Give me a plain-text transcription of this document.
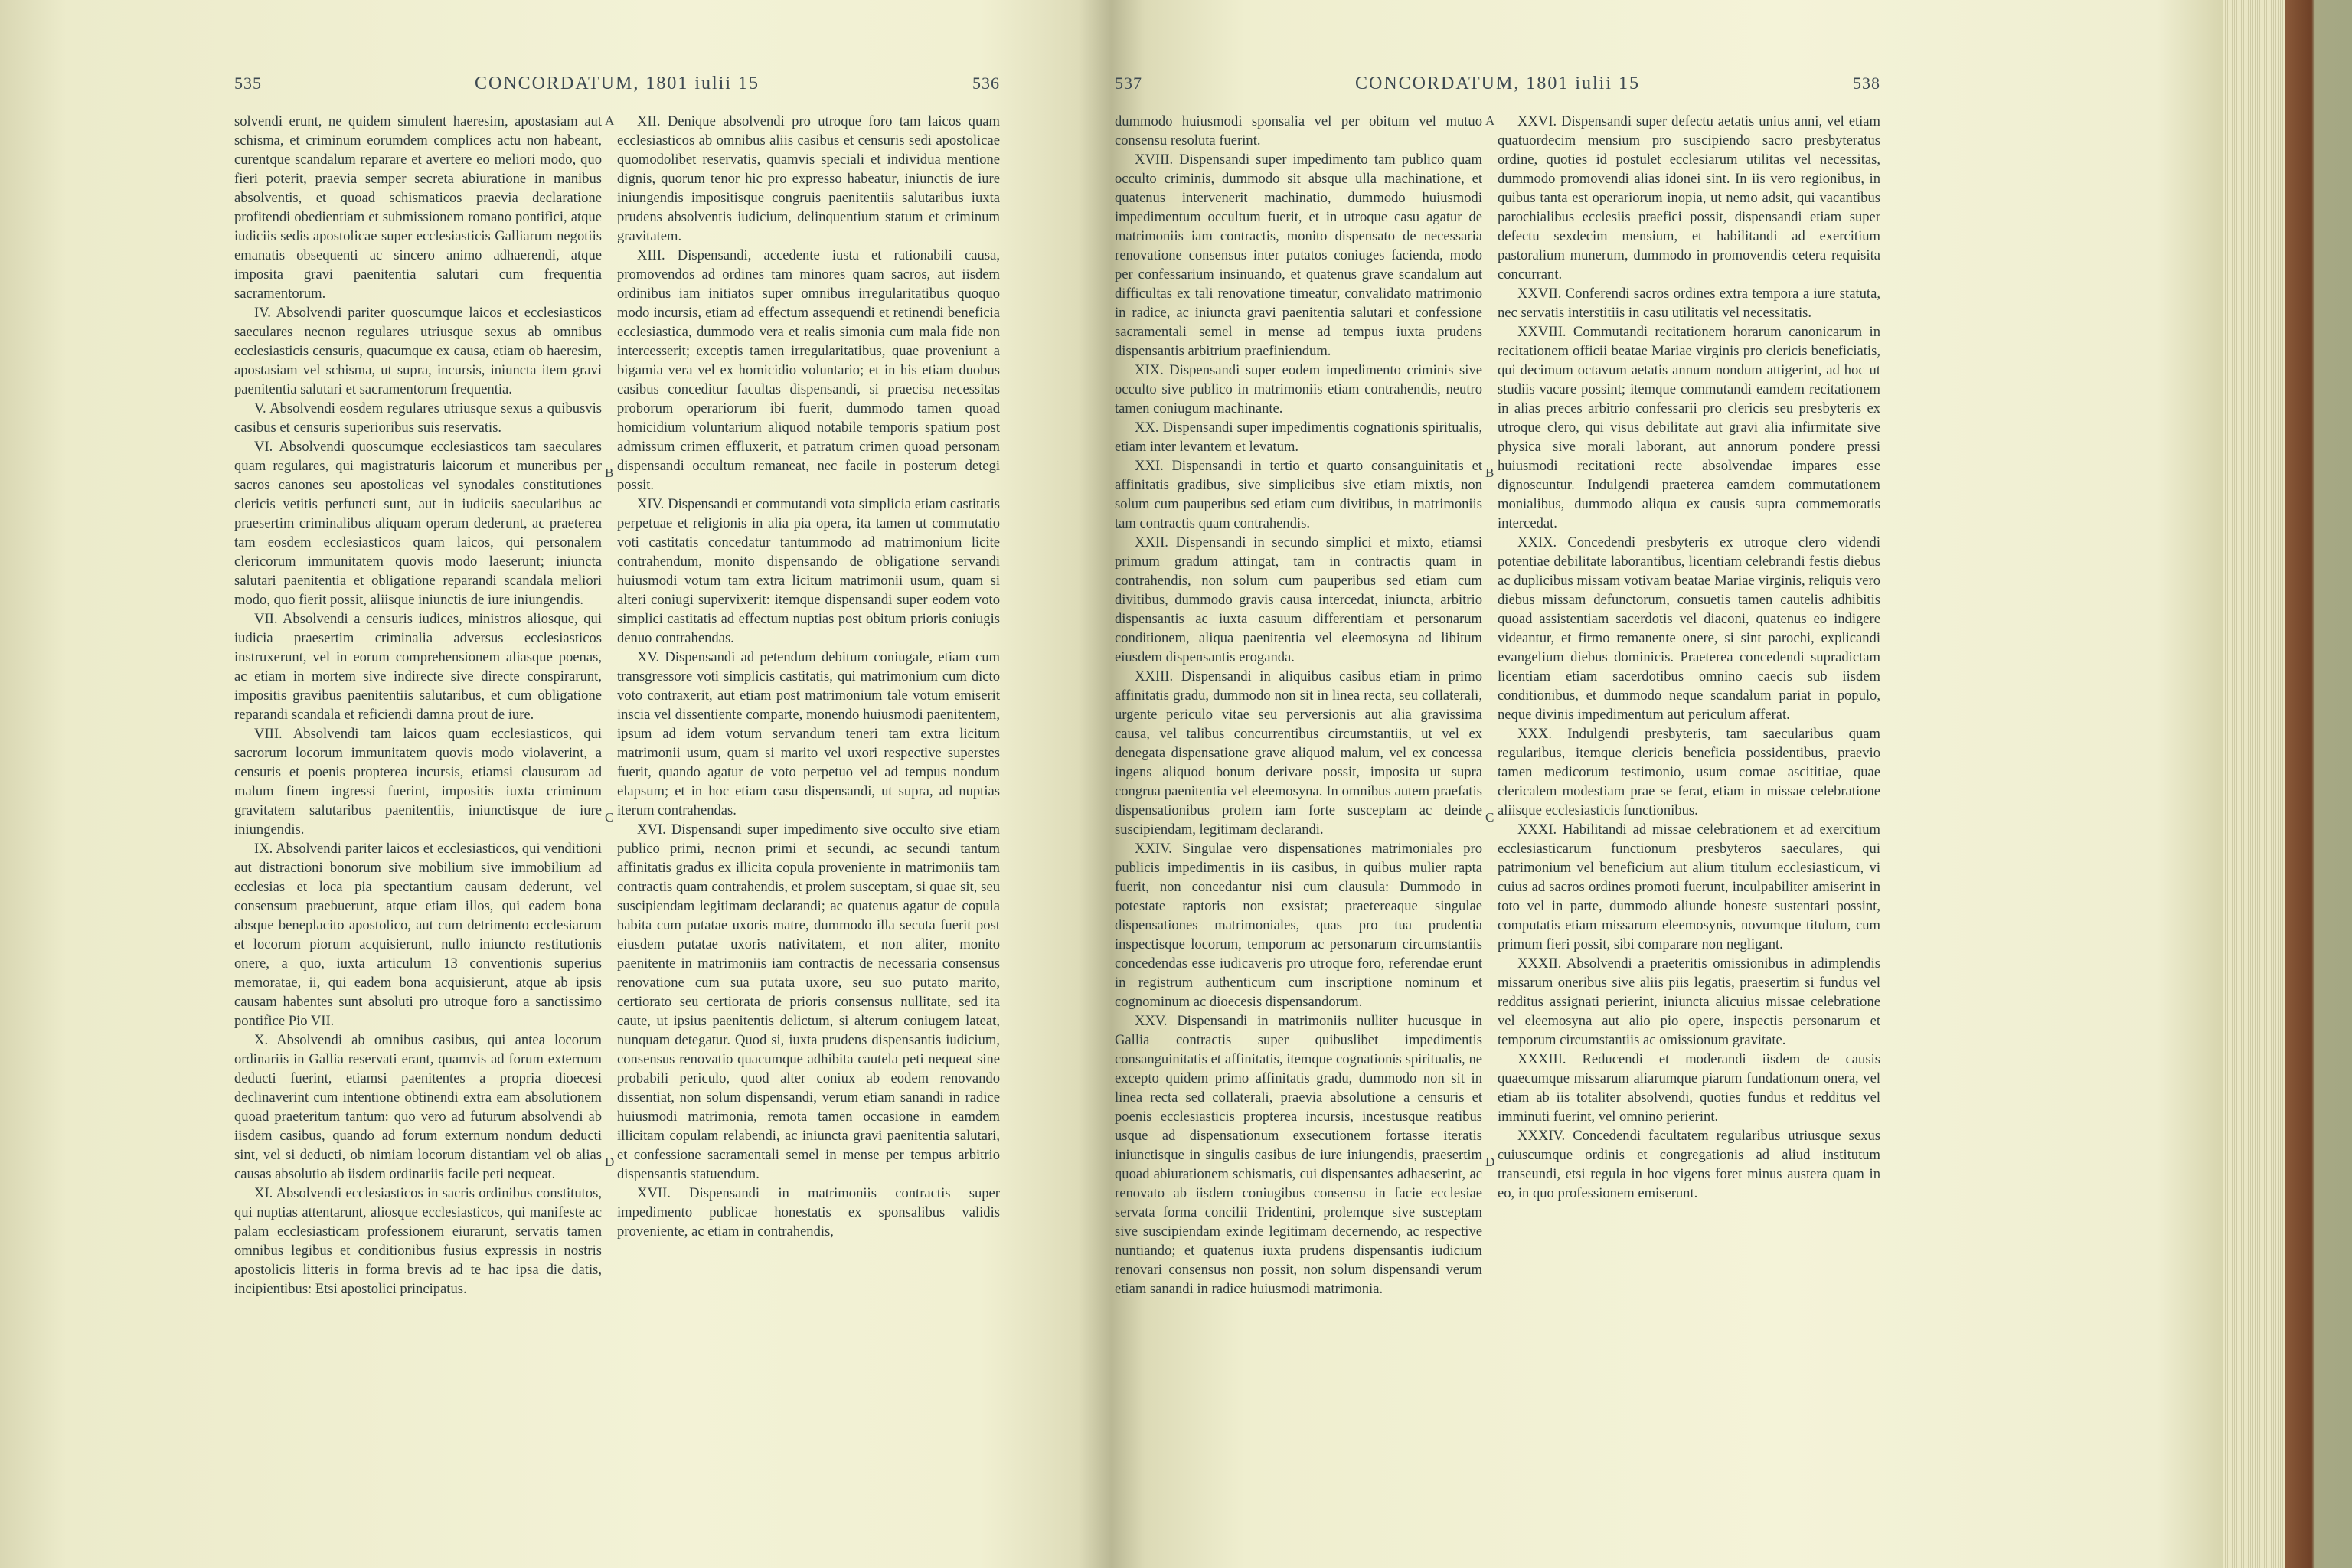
535	CONCORDATUM, 1801 iulii 15	536

solvendi erunt, ne quidem simulent haeresim, apostasiam aut schisma, et criminum eorumdem complices actu non habeant, curentque scandalum reparare et avertere eo meliori modo, quo fieri poterit, praevia semper secreta abiuratione in manibus absolventis, et quoad schismaticos praevia declaratione profitendi obedientiam et submissionem romano pontifici, atque iudiciis sedis apostolicae super ecclesiasticis Galliarum negotiis emanatis obsequenti ac sincero animo adhaerendi, atque imposita gravi paenitentia salutari cum frequentia sacramentorum.

IV. Absolvendi pariter quoscumque laicos et ecclesiasticos saeculares necnon regulares utriusque sexus ab omnibus ecclesiasticis censuris, quacumque ex causa, etiam ob haeresim, apostasiam vel schisma, ut supra, incursis, iniuncta item gravi paenitentia salutari et sacramentorum frequentia.

V. Absolvendi eosdem regulares utriusque sexus a quibusvis casibus et censuris superioribus suis reservatis.

VI. Absolvendi quoscumque ecclesiasticos tam saeculares quam regulares, qui magistraturis laicorum et muneribus per sacros canones seu apostolicas vel synodales constitutiones clericis vetitis perfuncti sunt, aut in iudiciis saecularibus ac praesertim criminalibus aliquam operam dederunt, ac praeterea tam eosdem ecclesiasticos quam laicos, qui personalem clericorum immunitatem quovis modo laeserunt; iniuncta salutari paenitentia et obligatione reparandi scandala meliori modo, quo fierit possit, aliisque iniunctis de iure iniungendis.

VII. Absolvendi a censuris iudices, ministros aliosque, qui iudicia praesertim criminalia adversus ecclesiasticos instruxerunt, vel in eorum comprehensionem aliasque poenas, ac etiam in mortem sive indirecte sive directe conspirarunt, impositis gravibus paenitentiis salutaribus, et cum obligatione reparandi scandala et reficiendi damna prout de iure.

VIII. Absolvendi tam laicos quam ecclesiasticos, qui sacrorum locorum immunitatem quovis modo violaverint, a censuris et poenis propterea incursis, etiamsi clausuram ad malum finem ingressi fuerint, impositis iuxta criminum gravitatem salutaribus paenitentiis, iniunctisque de iure iniungendis.

IX. Absolvendi pariter laicos et ecclesiasticos, qui venditioni aut distractioni bonorum sive mobilium sive immobilium ad ecclesias et loca pia spectantium causam dederunt, vel consensum praebuerunt, atque etiam illos, qui eadem bona absque beneplacito apostolico, aut cum detrimento ecclesiarum et locorum piorum acquisierunt, nullo iniuncto restitutionis onere, a quo, iuxta articulum 13 conventionis superius memoratae, ii, qui eadem bona acquisierunt, atque ab ipsis causam habentes sunt absoluti pro utroque foro a sanctissimo pontifice Pio VII.

X. Absolvendi ab omnibus casibus, qui antea locorum ordinariis in Gallia reservati erant, quamvis ad forum externum deducti fuerint, etiamsi paenitentes a propria dioecesi declinaverint cum intentione obtinendi extra eam absolutionem quoad praeteritum tantum: quo vero ad futurum absolvendi ab iisdem casibus, quando ad forum externum nondum deducti sint, vel si deducti, ob nimiam locorum distantiam vel ob alias causas absolutio ab iisdem ordinariis facile peti nequeat.

XI. Absolvendi ecclesiasticos in sacris ordinibus constitutos, qui nuptias attentarunt, aliosque ecclesiasticos, qui manifeste ac palam ecclesiasticam professionem eiurarunt, servatis tamen omnibus legibus et conditionibus fusius expressis in nostris apostolicis litteris in forma brevis ad te hac ipsa die datis, incipientibus: Etsi apostolici principatus.

A
B
C
D

XII. Denique absolvendi pro utroque foro tam laicos quam ecclesiasticos ab omnibus aliis casibus et censuris sedi apostolicae quomodolibet reservatis, quamvis speciali et individua mentione dignis, quorum tenor hic pro expresso habeatur, iniunctis de iure iniungendis impositisque congruis paenitentiis salutaribus iuxta prudens absolventis iudicium, delinquentium statum et criminum gravitatem.

XIII. Dispensandi, accedente iusta et rationabili causa, promovendos ad ordines tam minores quam sacros, aut iisdem ordinibus iam initiatos super omnibus irregularitatibus quoquo modo incursis, etiam ad effectum assequendi et retinendi beneficia ecclesiastica, dummodo vera et realis simonia cum mala fide non intercesserit; exceptis tamen irregularitatibus, quae proveniunt a bigamia vera vel ex homicidio voluntario; et in his etiam duobus casibus conceditur facultas dispensandi, si praecisa necessitas proborum operariorum ibi fuerit, dummodo tamen quoad homicidium voluntarium aliquod notabile temporis spatium post admissum crimen effluxerit, et patratum crimen quoad personam dispensandi occultum remaneat, nec facile in posterum detegi possit.

XIV. Dispensandi et commutandi vota simplicia etiam castitatis perpetuae et religionis in alia pia opera, ita tamen ut commutatio voti castitatis concedatur tantummodo ad matrimonium licite contrahendum, monito dispensando de obligatione servandi huiusmodi votum tam extra licitum matrimonii usum, quam si alteri coniugi supervixerit: itemque dispensandi super eodem voto simplici castitatis ad effectum nuptias post obitum prioris coniugis denuo contrahendas.

XV. Dispensandi ad petendum debitum coniugale, etiam cum transgressore voti simplicis castitatis, qui matrimonium cum dicto voto contraxerit, aut etiam post matrimonium tale votum emiserit inscia vel dissentiente comparte, monendo huiusmodi paenitentem, ipsum ad idem votum servandum teneri tam extra licitum matrimonii usum, quam si marito vel uxori respective superstes fuerit, quando agatur de voto perpetuo vel ad tempus nondum elapsum; et in hoc etiam casu dispensandi, ut supra, ad nuptias iterum contrahendas.

XVI. Dispensandi super impedimento sive occulto sive etiam publico primi, necnon primi et secundi, ac secundi tantum affinitatis gradus ex illicita copula proveniente in matrimoniis tam contractis quam contrahendis, et prolem susceptam, si quae sit, seu suscipiendam legitimam declarandi; ac quatenus agatur de copula habita cum putatae uxoris matre, dummodo illa secuta fuerit post eiusdem putatae uxoris nativitatem, et non aliter, monito paenitente in matrimoniis iam contractis de necessaria consensus renovatione cum sua putata uxore, seu suo putato marito, certiorato seu certiorata de prioris consensus nullitate, sed ita caute, ut ipsius paenitentis delictum, si alterum coniugem lateat, nunquam detegatur. Quod si, iuxta prudens dispensantis iudicium, consensus renovatio quacumque adhibita cautela peti nequeat sine probabili periculo, quod alter coniux ab eodem renovando dissentiat, non solum dispensandi, verum etiam sanandi in radice huiusmodi matrimonia, remota tamen occasione in eamdem illicitam copulam relabendi, ac iniuncta gravi paenitentia salutari, et confessione sacramentali semel in mense per tempus arbitrio dispensantis statuendum.

XVII. Dispensandi in matrimoniis contractis super impedimento publicae honestatis ex sponsalibus validis proveniente, ac etiam in contrahendis,

537	CONCORDATUM, 1801 iulii 15	538

dummodo huiusmodi sponsalia vel per obitum vel mutuo consensu resoluta fuerint.

XVIII. Dispensandi super impedimento tam publico quam occulto criminis, dummodo sit absque ulla machinatione, et quatenus intervenerit machinatio, dummodo huiusmodi impedimentum occultum fuerit, et in utroque casu agatur de matrimoniis iam contractis, monito dispensato de necessaria renovatione consensus inter putatos coniuges facienda, modo per confessarium insinuando, et quatenus grave scandalum aut difficultas ex tali renovatione timeatur, convalidato matrimonio in radice, ac iniuncta gravi paenitentia salutari et confessione sacramentali semel in mense ad tempus iuxta prudens dispensantis arbitrium praefiniendum.

XIX. Dispensandi super eodem impedimento criminis sive occulto sive publico in matrimoniis etiam contrahendis, neutro tamen coniugum machinante.

XX. Dispensandi super impedimentis cognationis spiritualis, etiam inter levantem et levatum.

XXI. Dispensandi in tertio et quarto consanguinitatis et affinitatis gradibus, sive simplicibus sive etiam mixtis, non solum cum pauperibus sed etiam cum divitibus, in matrimoniis tam contractis quam contrahendis.

XXII. Dispensandi in secundo simplici et mixto, etiamsi primum gradum attingat, tam in contractis quam in contrahendis, non solum cum pauperibus sed etiam cum divitibus, dummodo gravis causa intercedat, iniuncta, arbitrio dispensantis ac iuxta casuum differentiam et personarum conditionem, aliqua paenitentia vel eleemosyna ad libitum eiusdem dispensantis eroganda.

XXIII. Dispensandi in aliquibus casibus etiam in primo affinitatis gradu, dummodo non sit in linea recta, seu collaterali, urgente periculo vitae seu perversionis aut alia gravissima causa, vel talibus concurrentibus circumstantiis, ut vel ex denegata dispensatione grave aliquod malum, vel ex concessa ingens aliquod bonum derivare possit, imposita ut supra congrua paenitentia vel eleemosyna. In omnibus autem praefatis dispensationibus prolem iam forte susceptam ac deinde suscipiendam, legitimam declarandi.

XXIV. Singulae vero dispensationes matrimoniales pro publicis impedimentis in iis casibus, in quibus mulier rapta fuerit, non concedantur nisi cum clausula: Dummodo in potestate raptoris non exsistat; praetereaque singulae dispensationes matrimoniales, quas pro tua prudentia inspectisque locorum, temporum ac personarum circumstantiis concedendas esse iudicaveris pro utroque foro, referendae erunt in registrum authenticum cum inscriptione nominum et cognominum ac dioecesis dispensandorum.

XXV. Dispensandi in matrimoniis nulliter hucusque in Gallia contractis super quibuslibet impedimentis consanguinitatis et affinitatis, itemque cognationis spiritualis, ne excepto quidem primo affinitatis gradu, dummodo non sit in linea recta sed collaterali, praevia absolutione a censuris et poenis ecclesiasticis propterea incursis, incestusque reatibus usque ad dispensationum exsecutionem fortasse iteratis iniunctisque in singulis casibus de iure iniungendis, praesertim quoad abiurationem schismatis, cui dispensantes adhaeserint, ac renovato ab iisdem coniugibus consensu in facie ecclesiae servata forma concilii Tridentini, prolemque sive susceptam sive suscipiendam exinde legitimam decernendo, ac respective nuntiando; et quatenus iuxta prudens dispensantis iudicium renovari consensus non possit, non solum dispensandi verum etiam sanandi in radice huiusmodi matrimonia.

A
B
C
D

XXVI. Dispensandi super defectu aetatis unius anni, vel etiam quatuordecim mensium pro suscipiendo sacro presbyteratus ordine, quoties id postulet ecclesiarum utilitas vel necessitas, dummodo promovendi alias idonei sint. In iis vero regionibus, in quibus tanta est operariorum inopia, ut nemo adsit, qui vacantibus parochialibus ecclesiis praefici possit, dispensandi etiam super defectu sexdecim mensium, et habilitandi ad exercitium pastoralium munerum, dummodo in promovendis cetera requisita concurrant.

XXVII. Conferendi sacros ordines extra tempora a iure statuta, nec servatis interstitiis in casu utilitatis vel necessitatis.

XXVIII. Commutandi recitationem horarum canonicarum in recitationem officii beatae Mariae virginis pro clericis beneficiatis, qui decimum octavum aetatis annum nondum attigerint, ad hoc ut studiis vacare possint; itemque commutandi eamdem recitationem in alias preces arbitrio confessarii pro clericis seu presbyteris ex utroque clero, qui visus debilitate aut gravi alia infirmitate sive physica sive morali laborant, aut annorum pondere pressi huiusmodi recitationi recte absolvendae impares esse dignoscuntur. Indulgendi praeterea eamdem commutationem monialibus, dummodo aliqua ex causis supra commemoratis intercedat.

XXIX. Concedendi presbyteris ex utroque clero videndi potentiae debilitate laborantibus, licentiam celebrandi festis diebus ac duplicibus missam votivam beatae Mariae virginis, reliquis vero diebus missam defunctorum, consuetis tamen cautelis adhibitis quoad assistentiam sacerdotis vel diaconi, quatenus eo indigere videantur, et firmo remanente onere, si sint parochi, explicandi evangelium diebus dominicis. Praeterea concedendi supradictam licentiam etiam sacerdotibus omnino caecis sub iisdem conditionibus, et dummodo neque scandalum pariat in populo, neque divinis impedimentum aut periculum afferat.

XXX. Indulgendi presbyteris, tam saecularibus quam regularibus, itemque clericis beneficia possidentibus, praevio tamen medicorum testimonio, usum comae ascititiae, quae clericalem modestiam prae se ferat, etiam in missae celebratione aliisque ecclesiasticis functionibus.

XXXI. Habilitandi ad missae celebrationem et ad exercitium ecclesiasticarum functionum presbyteros saeculares, qui patrimonium vel beneficium aut alium titulum ecclesiasticum, vi cuius ad sacros ordines promoti fuerunt, inculpabiliter amiserint in toto vel in parte, dummodo aliunde honeste sustentari possint, computatis etiam missarum eleemosynis, novumque titulum, cum primum fieri possit, sibi comparare non negligant.

XXXII. Absolvendi a praeteritis omissionibus in adimplendis missarum oneribus sive aliis piis legatis, praesertim si fundus vel redditus assignati perierint, iniuncta alicuius missae celebratione vel eleemosyna aut alio pio opere, inspectis personarum et temporum circumstantiis ac omissionum gravitate.

XXXIII. Reducendi et moderandi iisdem de causis quaecumque missarum aliarumque piarum fundationum onera, vel etiam ab iis totaliter absolvendi, quoties fundus et redditus vel imminuti fuerint, vel omnino perierint.

XXXIV. Concedendi facultatem regularibus utriusque sexus cuiuscumque ordinis et congregationis ad aliud institutum transeundi, etsi regula in hoc vigens foret minus austera quam in eo, in quo professionem emiserunt.
